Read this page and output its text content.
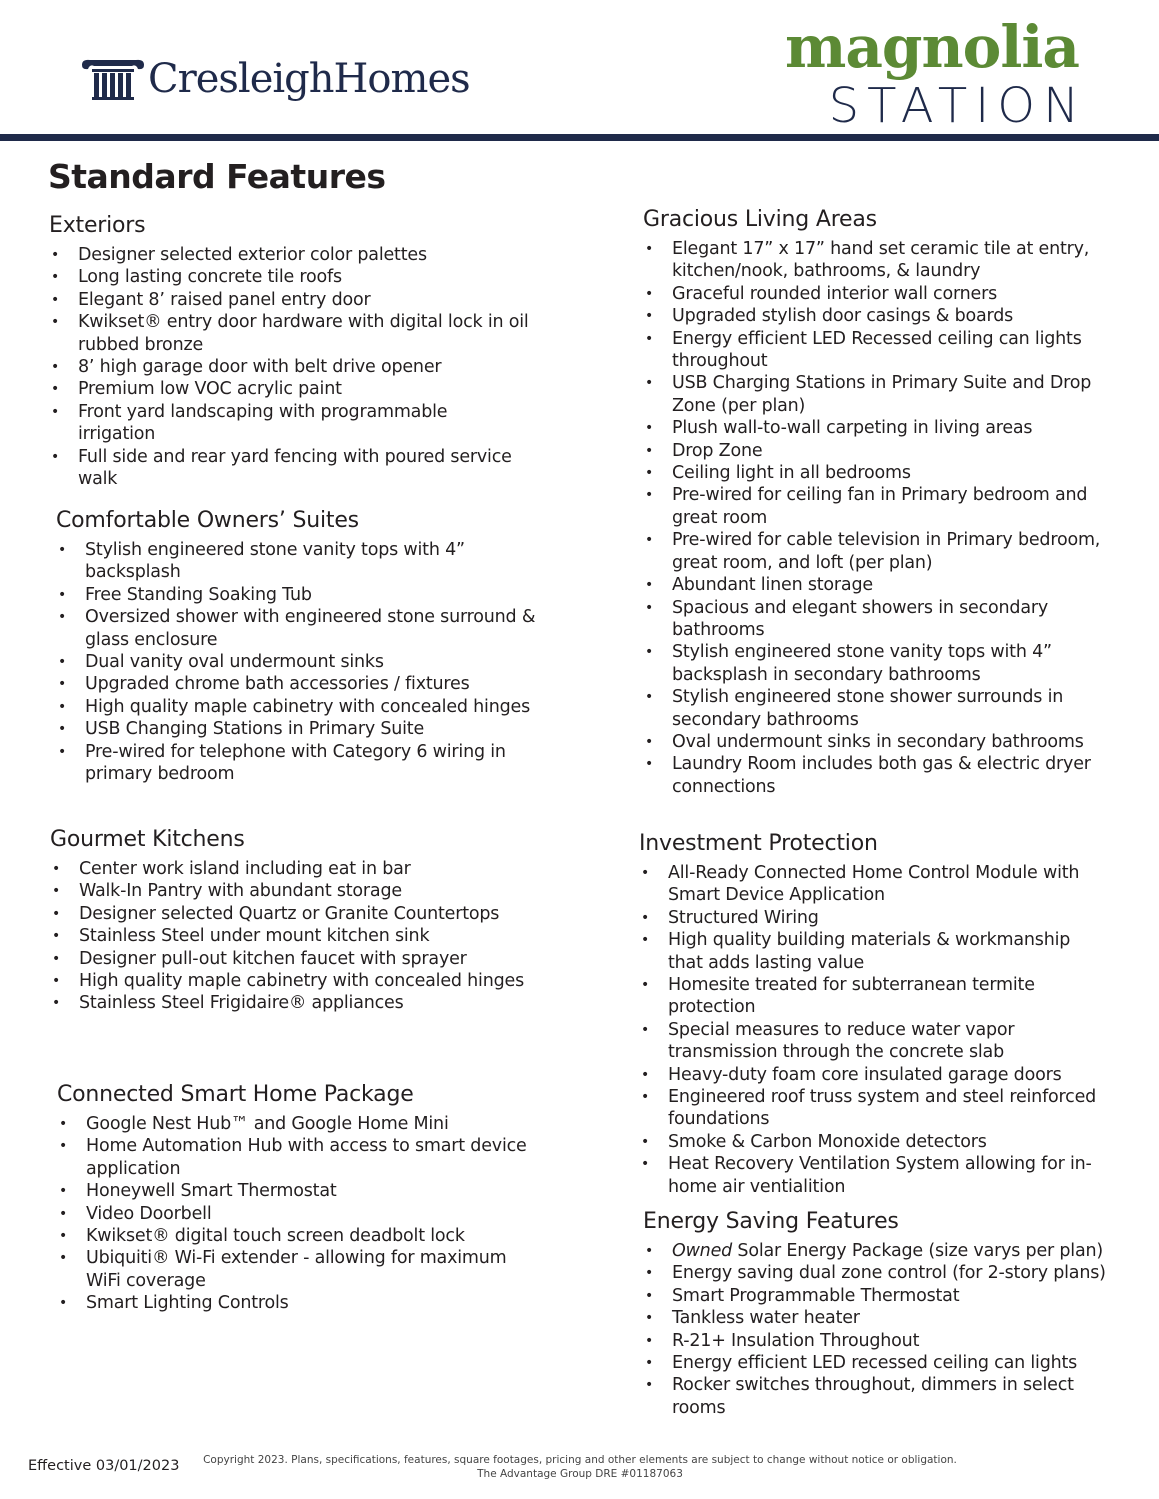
CresleighHomes	magnolia
STATION
Standard Features
Exteriors
• Designer selected exterior color palettes
• Long lasting concrete tile roofs
• Elegant 8’ raised panel entry door
• Kwikset® entry door hardware with digital lock in oil rubbed bronze
• 8’ high garage door with belt drive opener
• Premium low VOC acrylic paint
• Front yard landscaping with programmable irrigation
• Full side and rear yard fencing with poured service walk
Comfortable Owners’ Suites
• Stylish engineered stone vanity tops with 4” backsplash
• Free Standing Soaking Tub
• Oversized shower with engineered stone surround & glass enclosure
• Dual vanity oval undermount sinks
• Upgraded chrome bath accessories / fixtures
• High quality maple cabinetry with concealed hinges
• USB Changing Stations in Primary Suite
• Pre-wired for telephone with Category 6 wiring in primary bedroom
Gourmet Kitchens
• Center work island including eat in bar
• Walk-In Pantry with abundant storage
• Designer selected Quartz or Granite Countertops
• Stainless Steel under mount kitchen sink
• Designer pull-out kitchen faucet with sprayer
• High quality maple cabinetry with concealed hinges
• Stainless Steel Frigidaire® appliances
Connected Smart Home Package
• Google Nest Hub™ and Google Home Mini
• Home Automation Hub with access to smart device application
• Honeywell Smart Thermostat
• Video Doorbell
• Kwikset® digital touch screen deadbolt lock
• Ubiquiti® Wi-Fi extender - allowing for maximum WiFi coverage
• Smart Lighting Controls
Gracious Living Areas
• Elegant 17” x 17” hand set ceramic tile at entry, kitchen/nook, bathrooms, & laundry
• Graceful rounded interior wall corners
• Upgraded stylish door casings & boards
• Energy efficient LED Recessed ceiling can lights throughout
• USB Charging Stations in Primary Suite and Drop Zone (per plan)
• Plush wall-to-wall carpeting in living areas
• Drop Zone
• Ceiling light in all bedrooms
• Pre-wired for ceiling fan in Primary bedroom and great room
• Pre-wired for cable television in Primary bedroom, great room, and loft (per plan)
• Abundant linen storage
• Spacious and elegant showers in secondary bathrooms
• Stylish engineered stone vanity tops with 4” backsplash in secondary bathrooms
• Stylish engineered stone shower surrounds in secondary bathrooms
• Oval undermount sinks in secondary bathrooms
• Laundry Room includes both gas & electric dryer connections
Investment Protection
• All-Ready Connected Home Control Module with Smart Device Application
• Structured Wiring
• High quality building materials & workmanship that adds lasting value
• Homesite treated for subterranean termite protection
• Special measures to reduce water vapor transmission through the concrete slab
• Heavy-duty foam core insulated garage doors
• Engineered roof truss system and steel reinforced foundations
• Smoke & Carbon Monoxide detectors
• Heat Recovery Ventilation System allowing for in-home air ventialition
Energy Saving Features
• Owned Solar Energy Package (size varys per plan)
• Energy saving dual zone control (for 2-story plans)
• Smart Programmable Thermostat
• Tankless water heater
• R-21+ Insulation Throughout
• Energy efficient LED recessed ceiling can lights
• Rocker switches throughout, dimmers in select rooms
Effective 03/01/2023 Copyright 2023. Plans, specifications, features, square footages, pricing and other elements are subject to change without notice or obligation.
The Advantage Group DRE #01187063
